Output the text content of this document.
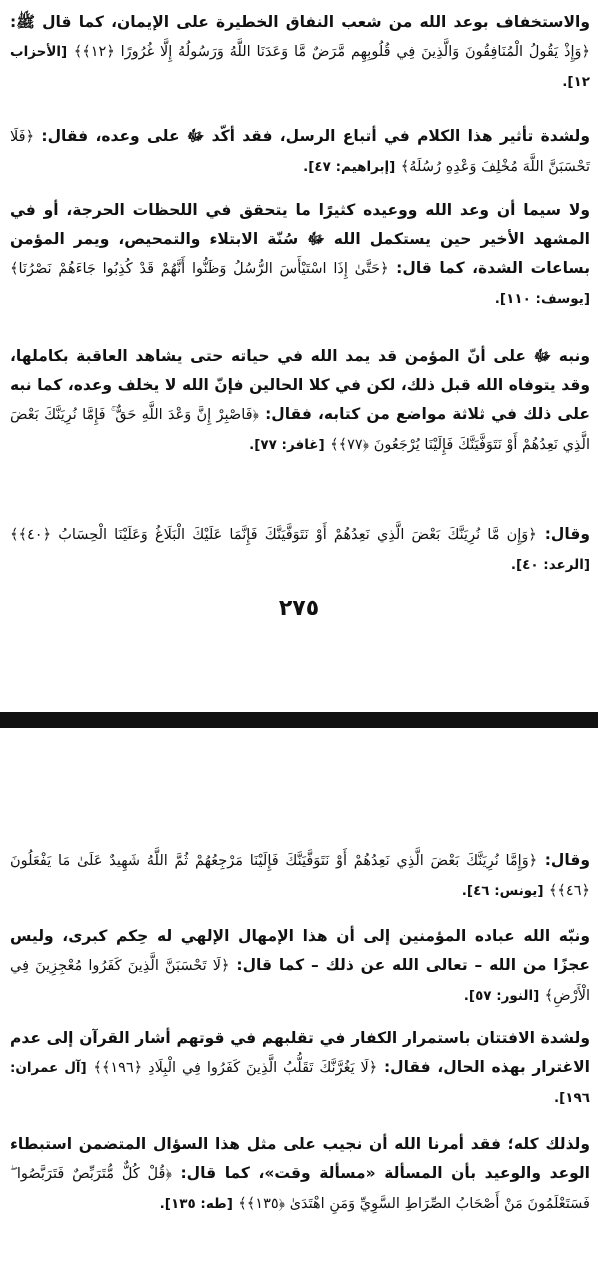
والاستخفاف بوعد الله من شعب النفاق الخطيرة على الإيمان، كما قال ﷺ: ﴿وَإِذْ يَقُولُ الْمُنَافِقُونَ وَالَّذِينَ فِي قُلُوبِهِم مَّرَضٌ مَّا وَعَدَنَا اللَّهُ وَرَسُولُهُ إِلَّا غُرُورًا ﴿١٢﴾﴾ [الأحزاب ١٢].
ولشدة تأثير هذا الكلام في أتباع الرسل، فقد أكّد ﷻ على وعده، فقال: ﴿فَلَا تَحْسَبَنَّ اللَّهَ مُخْلِفَ وَعْدِهِ رُسُلَهُ﴾ [إبراهيم: ٤٧].
ولا سيما أن وعد الله ووعيده كثيرًا ما يتحقق في اللحظات الحرجة، أو في المشهد الأخير حين يستكمل الله ﷻ سُنّة الابتلاء والتمحيص، ويمر المؤمن بساعات الشدة، كما قال: ﴿حَتَّىٰ إِذَا اسْتَيْأَسَ الرُّسُلُ وَظَنُّوا أَنَّهُمْ قَدْ كُذِبُوا جَاءَهُمْ نَصْرُنَا﴾ [يوسف: ١١٠].
ونبه ﷻ على أنّ المؤمن قد يمد الله في حياته حتى يشاهد العاقبة بكاملها، وقد يتوفاه الله قبل ذلك، لكن في كلا الحالين فإنّ الله لا يخلف وعده، كما نبه على ذلك في ثلاثة مواضع من كتابه، فقال: ﴿فَاصْبِرْ إِنَّ وَعْدَ اللَّهِ حَقٌّ ۚ فَإِمَّا نُرِيَنَّكَ بَعْضَ الَّذِي نَعِدُهُمْ أَوْ نَتَوَفَّيَنَّكَ فَإِلَيْنَا يُرْجَعُونَ ﴿٧٧﴾﴾ [غافر: ٧٧].
وقال: ﴿وَإِن مَّا نُرِيَنَّكَ بَعْضَ الَّذِي نَعِدُهُمْ أَوْ نَتَوَفَّيَنَّكَ فَإِنَّمَا عَلَيْكَ الْبَلَاغُ وَعَلَيْنَا الْحِسَابُ ﴿٤٠﴾﴾ [الرعد: ٤٠].
٢٧٥
وقال: ﴿وَإِمَّا نُرِيَنَّكَ بَعْضَ الَّذِي نَعِدُهُمْ أَوْ نَتَوَفَّيَنَّكَ فَإِلَيْنَا مَرْجِعُهُمْ ثُمَّ اللَّهُ شَهِيدٌ عَلَىٰ مَا يَفْعَلُونَ ﴿٤٦﴾﴾ [يونس: ٤٦].
ونبّه الله عباده المؤمنين إلى أن هذا الإمهال الإلهي له حِكم كبرى، وليس عجزًا من الله – تعالى الله عن ذلك – كما قال: ﴿لَا تَحْسَبَنَّ الَّذِينَ كَفَرُوا مُعْجِزِينَ فِي الْأَرْضِ﴾ [النور: ٥٧].
ولشدة الافتتان باستمرار الكفار في تقلبهم في قوتهم أشار القرآن إلى عدم الاغترار بهذه الحال، فقال: ﴿لَا يَغُرَّنَّكَ تَقَلُّبُ الَّذِينَ كَفَرُوا فِي الْبِلَادِ ﴿١٩٦﴾﴾ [آل عمران: ١٩٦].
ولذلك كله؛ فقد أمرنا الله أن نجيب على مثل هذا السؤال المتضمن استبطاء الوعد والوعيد بأن المسألة «مسألة وقت»، كما قال: ﴿قُلْ كُلٌّ مُّتَرَبِّصٌ فَتَرَبَّصُوا ۖ فَسَتَعْلَمُونَ مَنْ أَصْحَابُ الصِّرَاطِ السَّوِيِّ وَمَنِ اهْتَدَىٰ ﴿١٣٥﴾﴾ [طه: ١٣٥].
